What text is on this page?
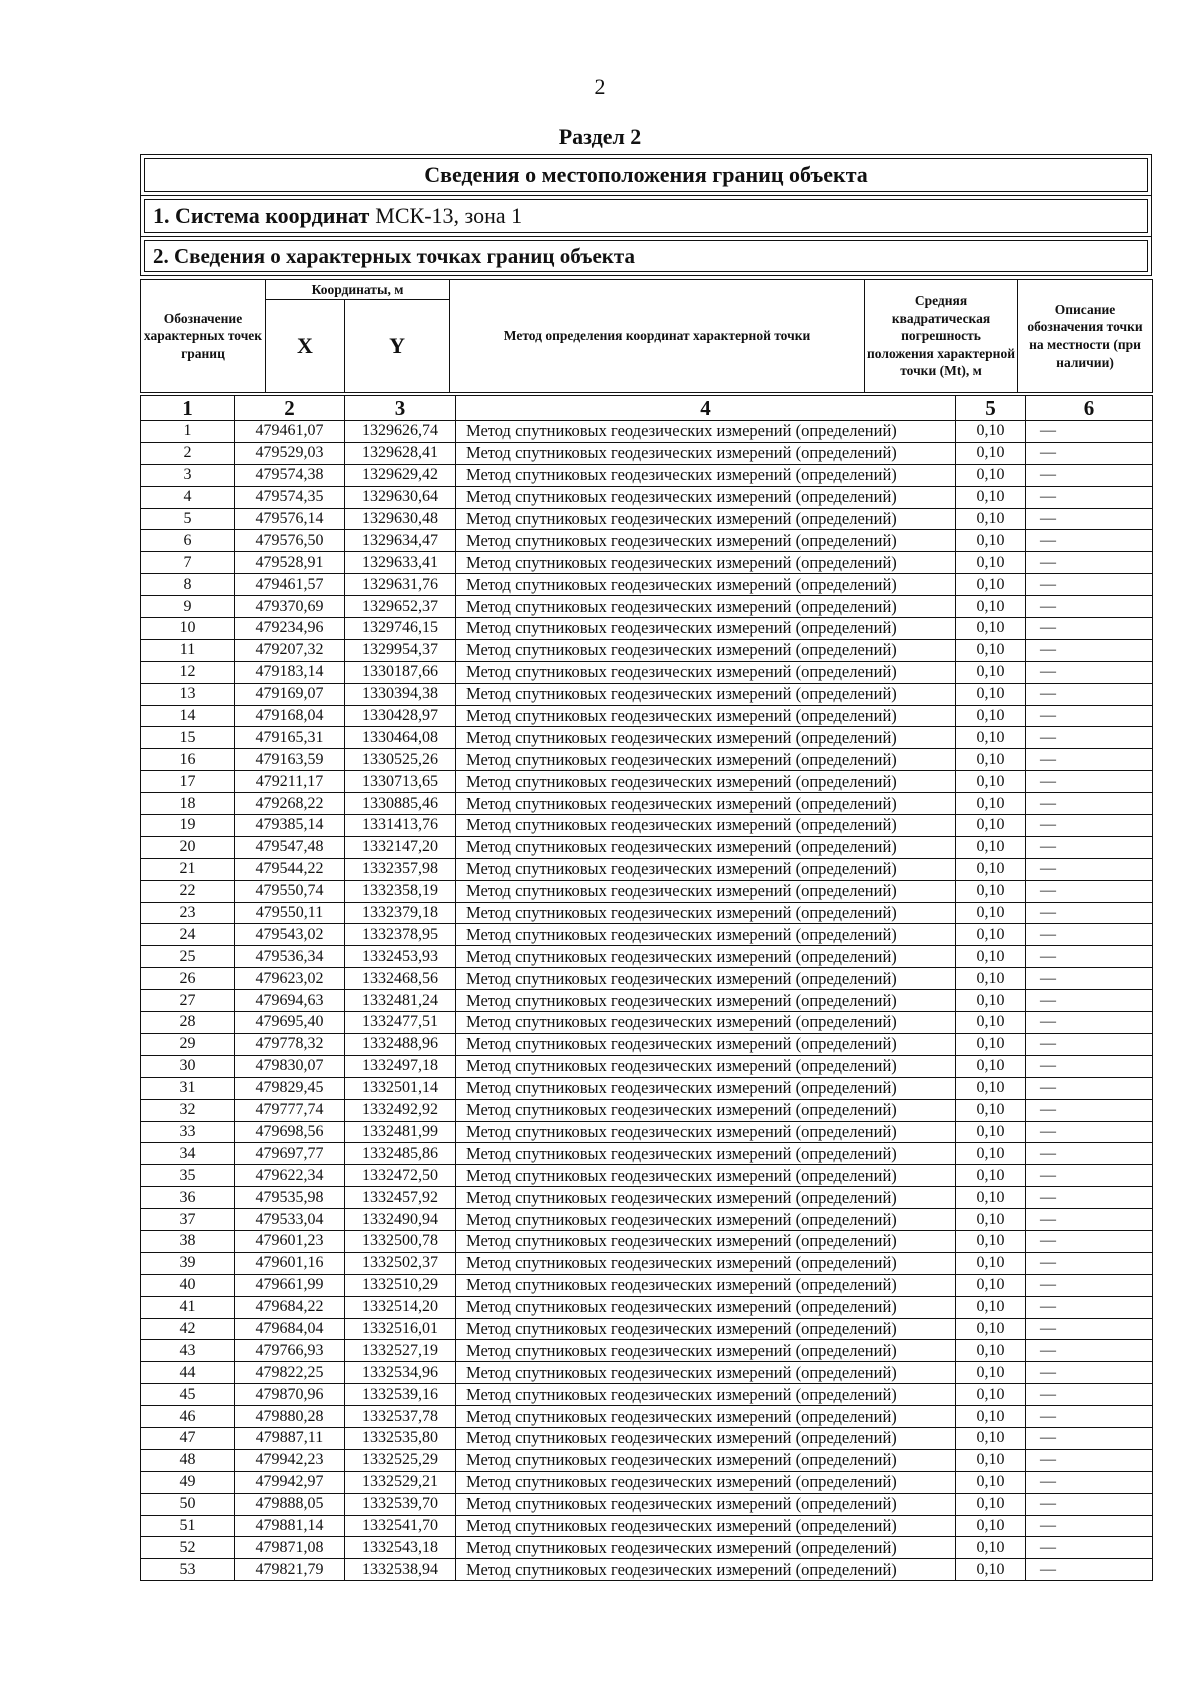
2
Раздел 2
Сведения о местоположения границ объекта
1. Система координат МСК-13, зона 1
2. Сведения о характерных точках границ объекта
Обозначение характерных точек границ	Координаты, м		Метод определения координат характерной точки	Средняя квадратическая погрешность положения характерной точки (Mt), м	Описание обозначения точки на местности (при наличии)
	X	Y			
1	2	3	4	5	6
1	479461,07	1329626,74	Метод спутниковых геодезических измерений (определений)	0,10	—
2	479529,03	1329628,41	Метод спутниковых геодезических измерений (определений)	0,10	—
3	479574,38	1329629,42	Метод спутниковых геодезических измерений (определений)	0,10	—
4	479574,35	1329630,64	Метод спутниковых геодезических измерений (определений)	0,10	—
5	479576,14	1329630,48	Метод спутниковых геодезических измерений (определений)	0,10	—
6	479576,50	1329634,47	Метод спутниковых геодезических измерений (определений)	0,10	—
7	479528,91	1329633,41	Метод спутниковых геодезических измерений (определений)	0,10	—
8	479461,57	1329631,76	Метод спутниковых геодезических измерений (определений)	0,10	—
9	479370,69	1329652,37	Метод спутниковых геодезических измерений (определений)	0,10	—
10	479234,96	1329746,15	Метод спутниковых геодезических измерений (определений)	0,10	—
11	479207,32	1329954,37	Метод спутниковых геодезических измерений (определений)	0,10	—
12	479183,14	1330187,66	Метод спутниковых геодезических измерений (определений)	0,10	—
13	479169,07	1330394,38	Метод спутниковых геодезических измерений (определений)	0,10	—
14	479168,04	1330428,97	Метод спутниковых геодезических измерений (определений)	0,10	—
15	479165,31	1330464,08	Метод спутниковых геодезических измерений (определений)	0,10	—
16	479163,59	1330525,26	Метод спутниковых геодезических измерений (определений)	0,10	—
17	479211,17	1330713,65	Метод спутниковых геодезических измерений (определений)	0,10	—
18	479268,22	1330885,46	Метод спутниковых геодезических измерений (определений)	0,10	—
19	479385,14	1331413,76	Метод спутниковых геодезических измерений (определений)	0,10	—
20	479547,48	1332147,20	Метод спутниковых геодезических измерений (определений)	0,10	—
21	479544,22	1332357,98	Метод спутниковых геодезических измерений (определений)	0,10	—
22	479550,74	1332358,19	Метод спутниковых геодезических измерений (определений)	0,10	—
23	479550,11	1332379,18	Метод спутниковых геодезических измерений (определений)	0,10	—
24	479543,02	1332378,95	Метод спутниковых геодезических измерений (определений)	0,10	—
25	479536,34	1332453,93	Метод спутниковых геодезических измерений (определений)	0,10	—
26	479623,02	1332468,56	Метод спутниковых геодезических измерений (определений)	0,10	—
27	479694,63	1332481,24	Метод спутниковых геодезических измерений (определений)	0,10	—
28	479695,40	1332477,51	Метод спутниковых геодезических измерений (определений)	0,10	—
29	479778,32	1332488,96	Метод спутниковых геодезических измерений (определений)	0,10	—
30	479830,07	1332497,18	Метод спутниковых геодезических измерений (определений)	0,10	—
31	479829,45	1332501,14	Метод спутниковых геодезических измерений (определений)	0,10	—
32	479777,74	1332492,92	Метод спутниковых геодезических измерений (определений)	0,10	—
33	479698,56	1332481,99	Метод спутниковых геодезических измерений (определений)	0,10	—
34	479697,77	1332485,86	Метод спутниковых геодезических измерений (определений)	0,10	—
35	479622,34	1332472,50	Метод спутниковых геодезических измерений (определений)	0,10	—
36	479535,98	1332457,92	Метод спутниковых геодезических измерений (определений)	0,10	—
37	479533,04	1332490,94	Метод спутниковых геодезических измерений (определений)	0,10	—
38	479601,23	1332500,78	Метод спутниковых геодезических измерений (определений)	0,10	—
39	479601,16	1332502,37	Метод спутниковых геодезических измерений (определений)	0,10	—
40	479661,99	1332510,29	Метод спутниковых геодезических измерений (определений)	0,10	—
41	479684,22	1332514,20	Метод спутниковых геодезических измерений (определений)	0,10	—
42	479684,04	1332516,01	Метод спутниковых геодезических измерений (определений)	0,10	—
43	479766,93	1332527,19	Метод спутниковых геодезических измерений (определений)	0,10	—
44	479822,25	1332534,96	Метод спутниковых геодезических измерений (определений)	0,10	—
45	479870,96	1332539,16	Метод спутниковых геодезических измерений (определений)	0,10	—
46	479880,28	1332537,78	Метод спутниковых геодезических измерений (определений)	0,10	—
47	479887,11	1332535,80	Метод спутниковых геодезических измерений (определений)	0,10	—
48	479942,23	1332525,29	Метод спутниковых геодезических измерений (определений)	0,10	—
49	479942,97	1332529,21	Метод спутниковых геодезических измерений (определений)	0,10	—
50	479888,05	1332539,70	Метод спутниковых геодезических измерений (определений)	0,10	—
51	479881,14	1332541,70	Метод спутниковых геодезических измерений (определений)	0,10	—
52	479871,08	1332543,18	Метод спутниковых геодезических измерений (определений)	0,10	—
53	479821,79	1332538,94	Метод спутниковых геодезических измерений (определений)	0,10	—
